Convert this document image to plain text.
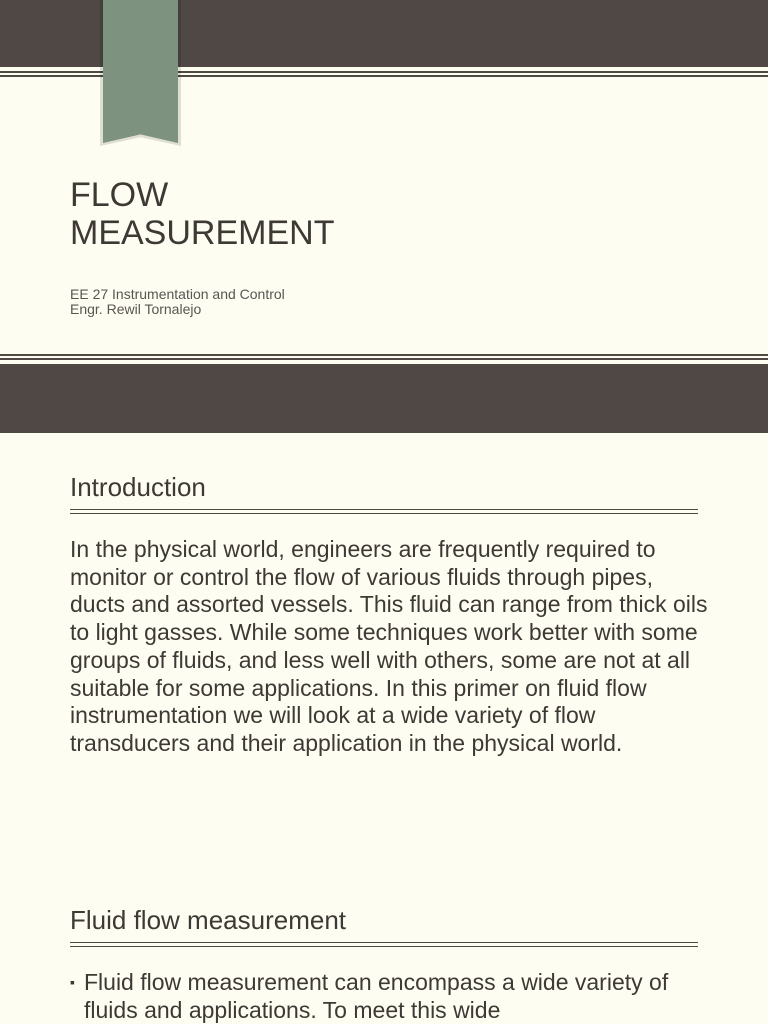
FLOW
MEASUREMENT
EE 27 Instrumentation and Control
Engr. Rewil Tornalejo
Introduction

In the physical world, engineers are frequently required to monitor or control the flow of various fluids through pipes, ducts and assorted vessels. This fluid can range from thick oils to light gasses. While some techniques work better with some groups of fluids, and less well with others, some are not at all suitable for some applications. In this primer on fluid flow instrumentation we will look at a wide variety of flow transducers and their application in the physical world.

Fluid flow measurement
▪ Fluid flow measurement can encompass a wide variety of fluids and applications. To meet this wide
